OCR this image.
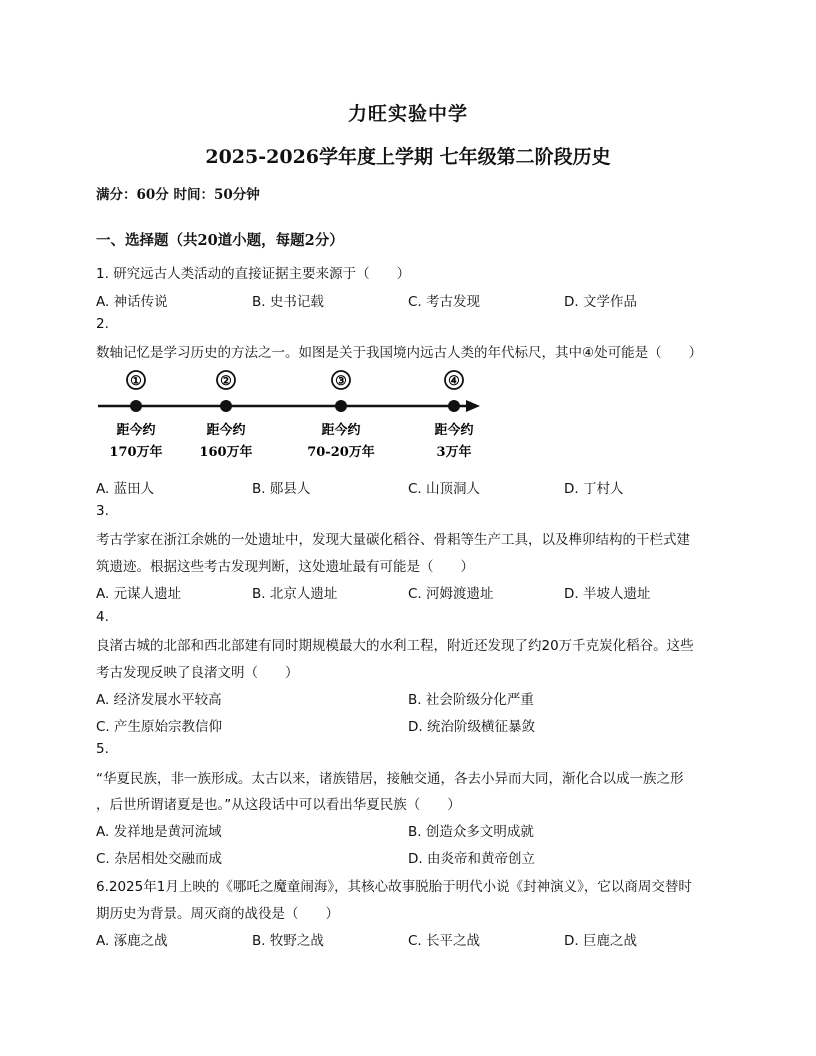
力旺实验中学
2025-2026学年度上学期 七年级第二阶段历史
满分：60分 时间：50分钟
一、选择题（共20道小题，每题2分）
1. 研究远古人类活动的直接证据主要来源于（　　）
A. 神话传说	B. 史书记载	C. 考古发现	D. 文学作品
2.
数轴记忆是学习历史的方法之一。如图是关于我国境内远古人类的年代标尺，其中④处可能是（　　）
①
距今约
170万年
②
距今约
160万年
③
距今约
70-20万年
④
距今约
3万年
A. 蓝田人	B. 郧县人	C. 山顶洞人	D. 丁村人
3.
考古学家在浙江余姚的一处遗址中，发现大量碳化稻谷、骨耜等生产工具，以及榫卯结构的干栏式建
筑遗迹。根据这些考古发现判断，这处遗址最有可能是（　　）
A. 元谋人遗址	B. 北京人遗址	C. 河姆渡遗址	D. 半坡人遗址
4.
良渚古城的北部和西北部建有同时期规模最大的水利工程，附近还发现了约20万千克炭化稻谷。这些
考古发现反映了良渚文明（　　）
A. 经济发展水平较高	B. 社会阶级分化严重
C. 产生原始宗教信仰	D. 统治阶级横征暴敛
5.
“华夏民族，非一族形成。太古以来，诸族错居，接触交通，各去小异而大同，渐化合以成一族之形
，后世所谓诸夏是也。”从这段话中可以看出华夏民族（　　）
A. 发祥地是黄河流域	B. 创造众多文明成就
C. 杂居相处交融而成	D. 由炎帝和黄帝创立
6.2025年1月上映的《哪吒之魔童闹海》，其核心故事脱胎于明代小说《封神演义》，它以商周交替时
期历史为背景。周灭商的战役是（　　）
A. 涿鹿之战	B. 牧野之战	C. 长平之战	D. 巨鹿之战
